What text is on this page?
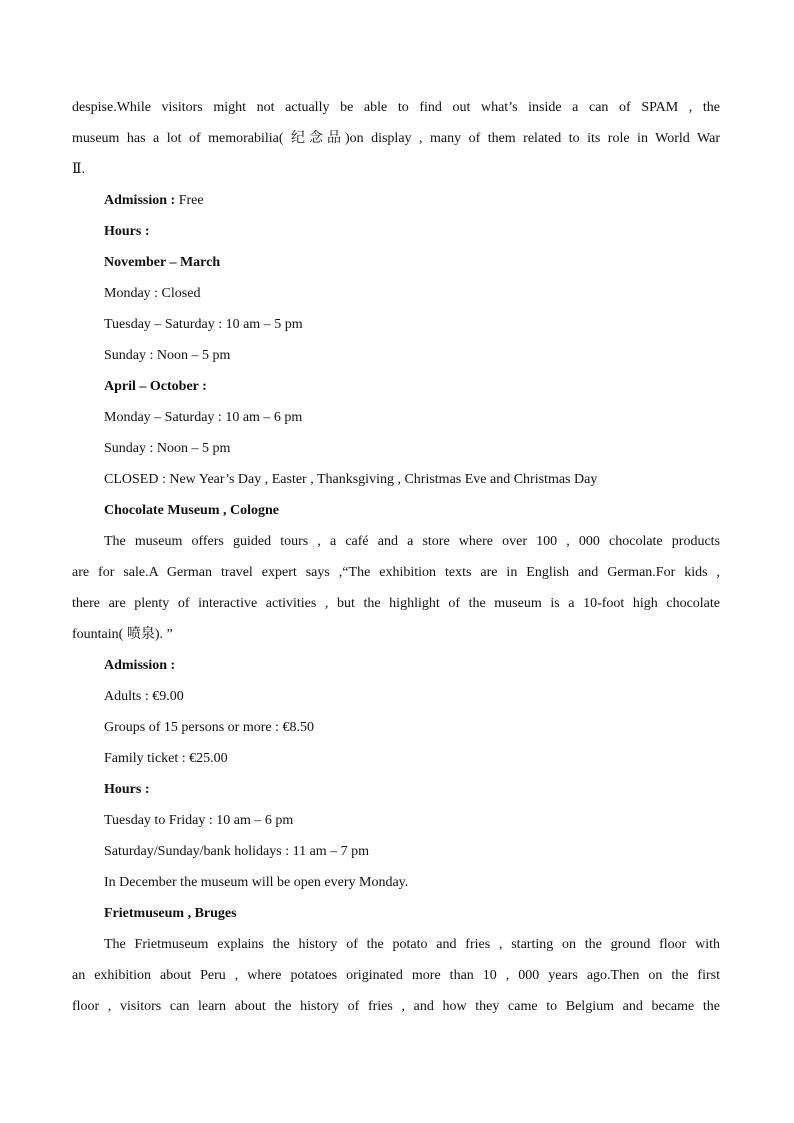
despise.While visitors might not actually be able to find out what’s inside a can of SPAM , the
museum has a lot of memorabilia( 纪念品)on display , many of them related to its role in World War
Ⅱ.
Admission : Free
Hours :
November – March
Monday : Closed
Tuesday – Saturday : 10 am – 5 pm
Sunday : Noon – 5 pm
April – October :
Monday – Saturday : 10 am – 6 pm
Sunday : Noon – 5 pm
CLOSED : New Year’s Day , Easter , Thanksgiving , Christmas Eve and Christmas Day
Chocolate Museum , Cologne
The museum offers guided tours , a café and a store where over 100 , 000 chocolate products
are for sale.A German travel expert says ,“The exhibition texts are in English and German.For kids ,
there are plenty of interactive activities , but the highlight of the museum is a 10-foot high chocolate
fountain( 喷泉). ”
Admission :
Adults : €9.00
Groups of 15 persons or more : €8.50
Family ticket : €25.00
Hours :
Tuesday to Friday : 10 am – 6 pm
Saturday/Sunday/bank holidays : 11 am – 7 pm
In December the museum will be open every Monday.
Frietmuseum , Bruges
The Frietmuseum explains the history of the potato and fries , starting on the ground floor with
an exhibition about Peru , where potatoes originated more than 10 , 000 years ago.Then on the first
floor , visitors can learn about the history of fries , and how they came to Belgium and became the
